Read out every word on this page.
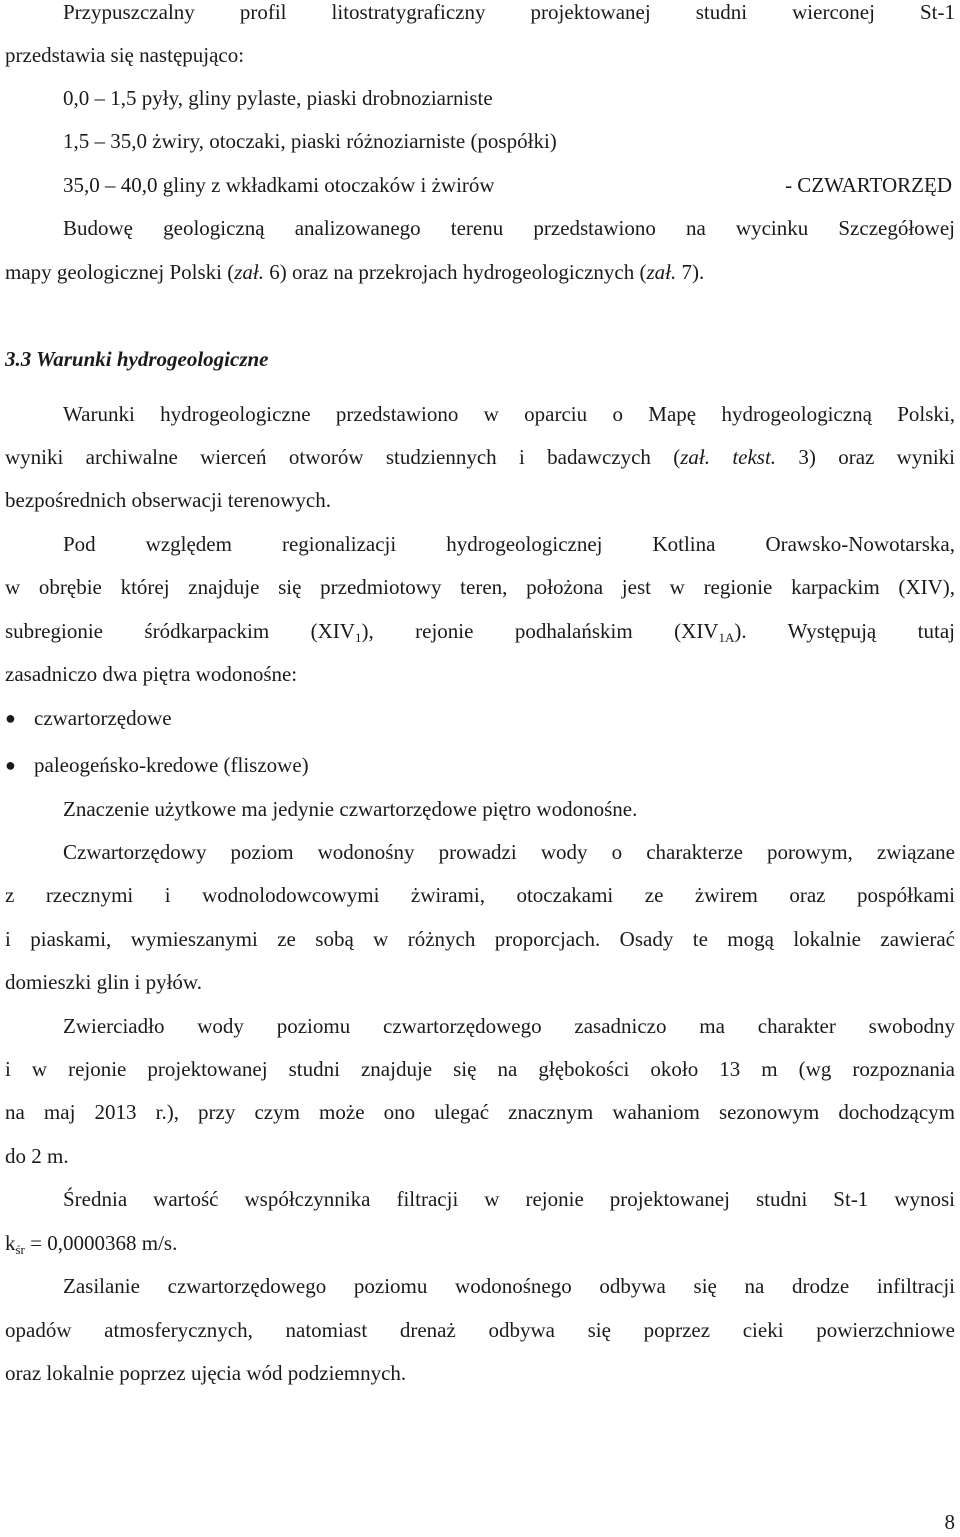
Przypuszczalny profil litostratygraficzny projektowanej studni wierconej St-1
przedstawia się następująco:
0,0 – 1,5 pyły, gliny pylaste, piaski drobnoziarniste
1,5 – 35,0 żwiry, otoczaki, piaski różnoziarniste (pospółki)
35,0 – 40,0 gliny z wkładkami otoczaków i żwirów	- CZWARTORZĘD
Budowę geologiczną analizowanego terenu przedstawiono na wycinku Szczegółowej
mapy geologicznej Polski (zał. 6) oraz na przekrojach hydrogeologicznych (zał. 7).
3.3 Warunki hydrogeologiczne
Warunki hydrogeologiczne przedstawiono w oparciu o Mapę hydrogeologiczną Polski,
wyniki archiwalne wierceń otworów studziennych i badawczych (zał. tekst. 3) oraz wyniki
bezpośrednich obserwacji terenowych.
Pod względem regionalizacji hydrogeologicznej Kotlina Orawsko-Nowotarska,
w obrębie której znajduje się przedmiotowy teren, położona jest w regionie karpackim (XIV),
subregionie śródkarpackim $(XIV_1)$, rejonie podhalańskim $(XIV_{1A})$. Występują tutaj
zasadniczo dwa piętra wodonośne:
● czwartorzędowe
● paleogeńsko-kredowe (fliszowe)
Znaczenie użytkowe ma jedynie czwartorzędowe piętro wodonośne.
Czwartorzędowy poziom wodonośny prowadzi wody o charakterze porowym, związane
z rzecznymi i wodnolodowcowymi żwirami, otoczakami ze żwirem oraz pospółkami
i piaskami, wymieszanymi ze sobą w różnych proporcjach. Osady te mogą lokalnie zawierać
domieszki glin i pyłów.
Zwierciadło wody poziomu czwartorzędowego zasadniczo ma charakter swobodny
i w rejonie projektowanej studni znajduje się na głębokości około 13 m (wg rozpoznania
na maj 2013 r.), przy czym może ono ulegać znacznym wahaniom sezonowym dochodzącym
do 2 m.
Średnia wartość współczynnika filtracji w rejonie projektowanej studni St-1 wynosi
$k_{śr} = 0,0000368$ m/s.
Zasilanie czwartorzędowego poziomu wodonośnego odbywa się na drodze infiltracji
opadów atmosferycznych, natomiast drenaż odbywa się poprzez cieki powierzchniowe
oraz lokalnie poprzez ujęcia wód podziemnych.
8
